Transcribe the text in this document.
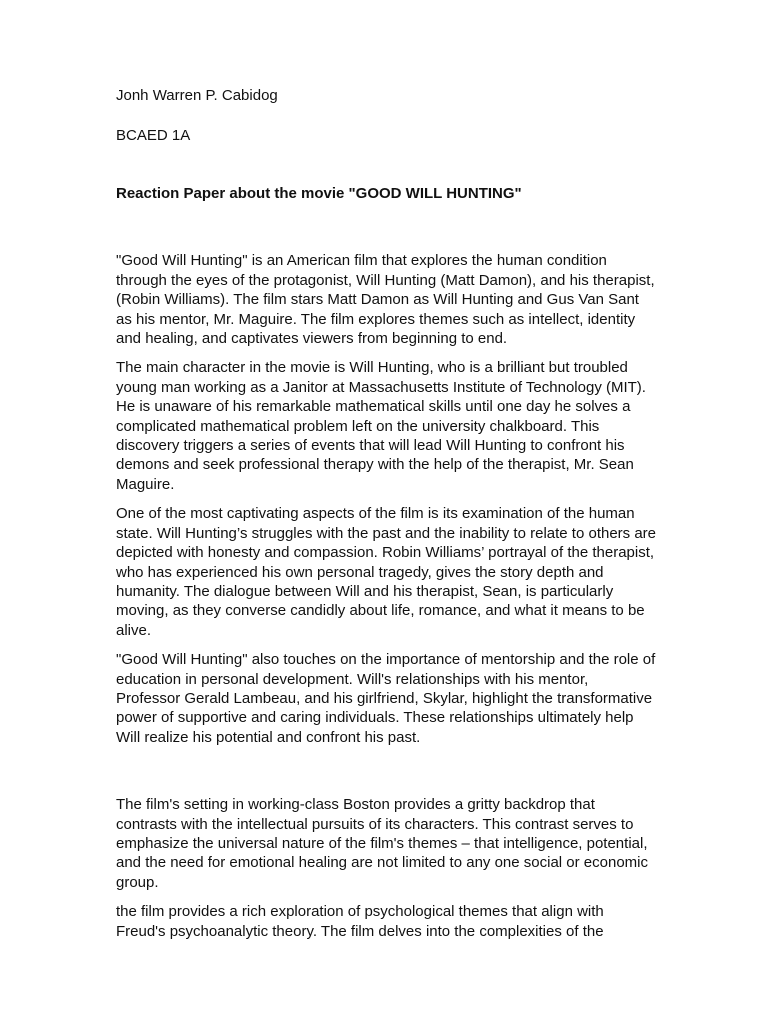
Jonh Warren P. Cabidog

BCAED 1A

Reaction Paper about the movie "GOOD WILL HUNTING"

"Good Will Hunting" is an American film that explores the human condition through the eyes of the protagonist, Will Hunting (Matt Damon), and his therapist, (Robin Williams). The film stars Matt Damon as Will Hunting and Gus Van Sant as his mentor, Mr. Maguire. The film explores themes such as intellect, identity and healing, and captivates viewers from beginning to end.

The main character in the movie is Will Hunting, who is a brilliant but troubled young man working as a Janitor at Massachusetts Institute of Technology (MIT). He is unaware of his remarkable mathematical skills until one day he solves a complicated mathematical problem left on the university chalkboard. This discovery triggers a series of events that will lead Will Hunting to confront his demons and seek professional therapy with the help of the therapist, Mr. Sean Maguire.

One of the most captivating aspects of the film is its examination of the human state. Will Hunting’s struggles with the past and the inability to relate to others are depicted with honesty and compassion. Robin Williams’ portrayal of the therapist, who has experienced his own personal tragedy, gives the story depth and humanity. The dialogue between Will and his therapist, Sean, is particularly moving, as they converse candidly about life, romance, and what it means to be alive.

"Good Will Hunting" also touches on the importance of mentorship and the role of education in personal development. Will's relationships with his mentor, Professor Gerald Lambeau, and his girlfriend, Skylar, highlight the transformative power of supportive and caring individuals. These relationships ultimately help Will realize his potential and confront his past.

The film's setting in working-class Boston provides a gritty backdrop that contrasts with the intellectual pursuits of its characters. This contrast serves to emphasize the universal nature of the film's themes – that intelligence, potential, and the need for emotional healing are not limited to any one social or economic group.

the film provides a rich exploration of psychological themes that align with Freud's psychoanalytic theory. The film delves into the complexities of the
